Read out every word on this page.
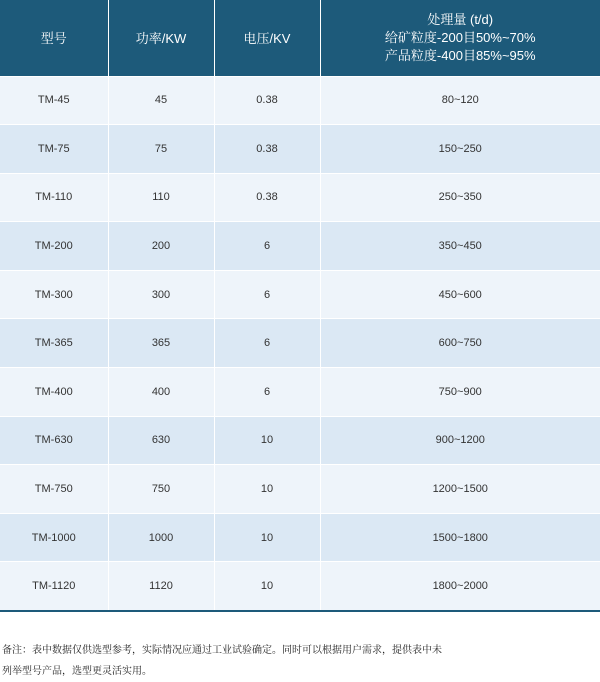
型号	功率/KW	电压/KV	处理量 (t/d)
给矿粒度-200目50%~70%
产品粒度-400目85%~95%

TM-45	45	0.38	80~120
TM-75	75	0.38	150~250
TM-110	110	0.38	250~350
TM-200	200	6	350~450
TM-300	300	6	450~600
TM-365	365	6	600~750
TM-400	400	6	750~900
TM-630	630	10	900~1200
TM-750	750	10	1200~1500
TM-1000	1000	10	1500~1800
TM-1120	1120	10	1800~2000
备注：表中数据仅供选型参考，实际情况应通过工业试验确定。同时可以根据用户需求，提供表中未
列举型号产品，选型更灵活实用。
